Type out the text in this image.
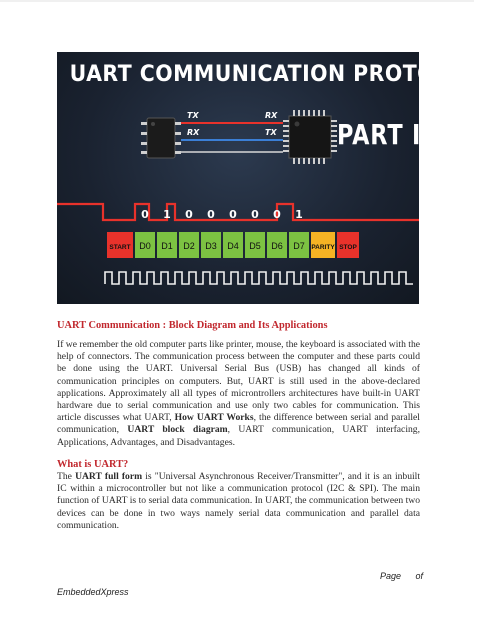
UART COMMUNICATION PROTOCOL
TX
RX
RX
TX
0 1 0 0 0 0 0 1
START D0 D1 D2 D3 D4 D5 D6 D7 PARITY STOP
PART I
UART Communication : Block Diagram and Its Applications
If we remember the old computer parts like printer, mouse, the keyboard is associated with the help of connectors. The communication process between the computer and these parts could be done using the UART. Universal Serial Bus (USB) has changed all kinds of communication principles on computers. But, UART is still used in the above-declared applications. Approximately all all types of microntrollers architectures have built-in UART hardware due to serial communication and use only two cables for communication. This article discusses what UART, How UART Works, the difference between serial and parallel communication, UART block diagram, UART communication, UART interfacing, Applications, Advantages, and Disadvantages.
What is UART?
The UART full form is "Universal Asynchronous Receiver/Transmitter", and it is an inbuilt IC within a microcontroller but not like a communication protocol (I2C & SPI). The main function of UART is to serial data communication. In UART, the communication between two devices can be done in two ways namely serial data communication and parallel data communication.
Page of
EmbeddedXpress
